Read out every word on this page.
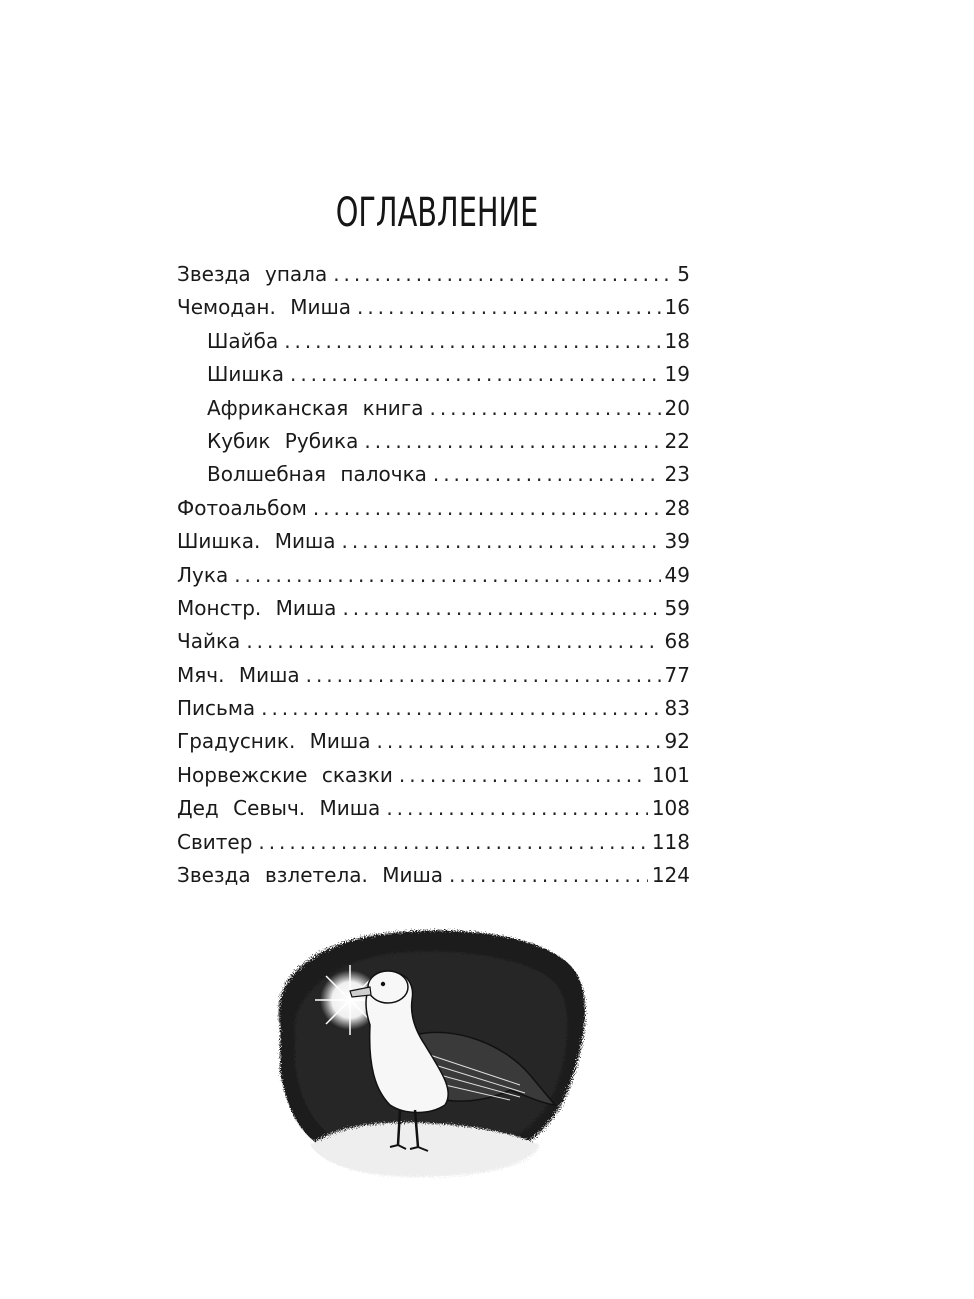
ОГЛАВЛЕНИЕ
Звезда упала . . .	5
Чемодан. Миша . . .	16
Шайба . . .	18
Шишка . . .	19
Африканская книга . . .	20
Кубик Рубика . . .	22
Волшебная палочка . . .	23
Фотоальбом . . .	28
Шишка. Миша . . .	39
Лука . . .	49
Монстр. Миша . . .	59
Чайка . . .	68
Мяч. Миша . . .	77
Письма . . .	83
Градусник. Миша . . .	92
Норвежские сказки . . .	101
Дед Севыч. Миша . . .	108
Свитер . . .	118
Звезда взлетела. Миша . . .	124
